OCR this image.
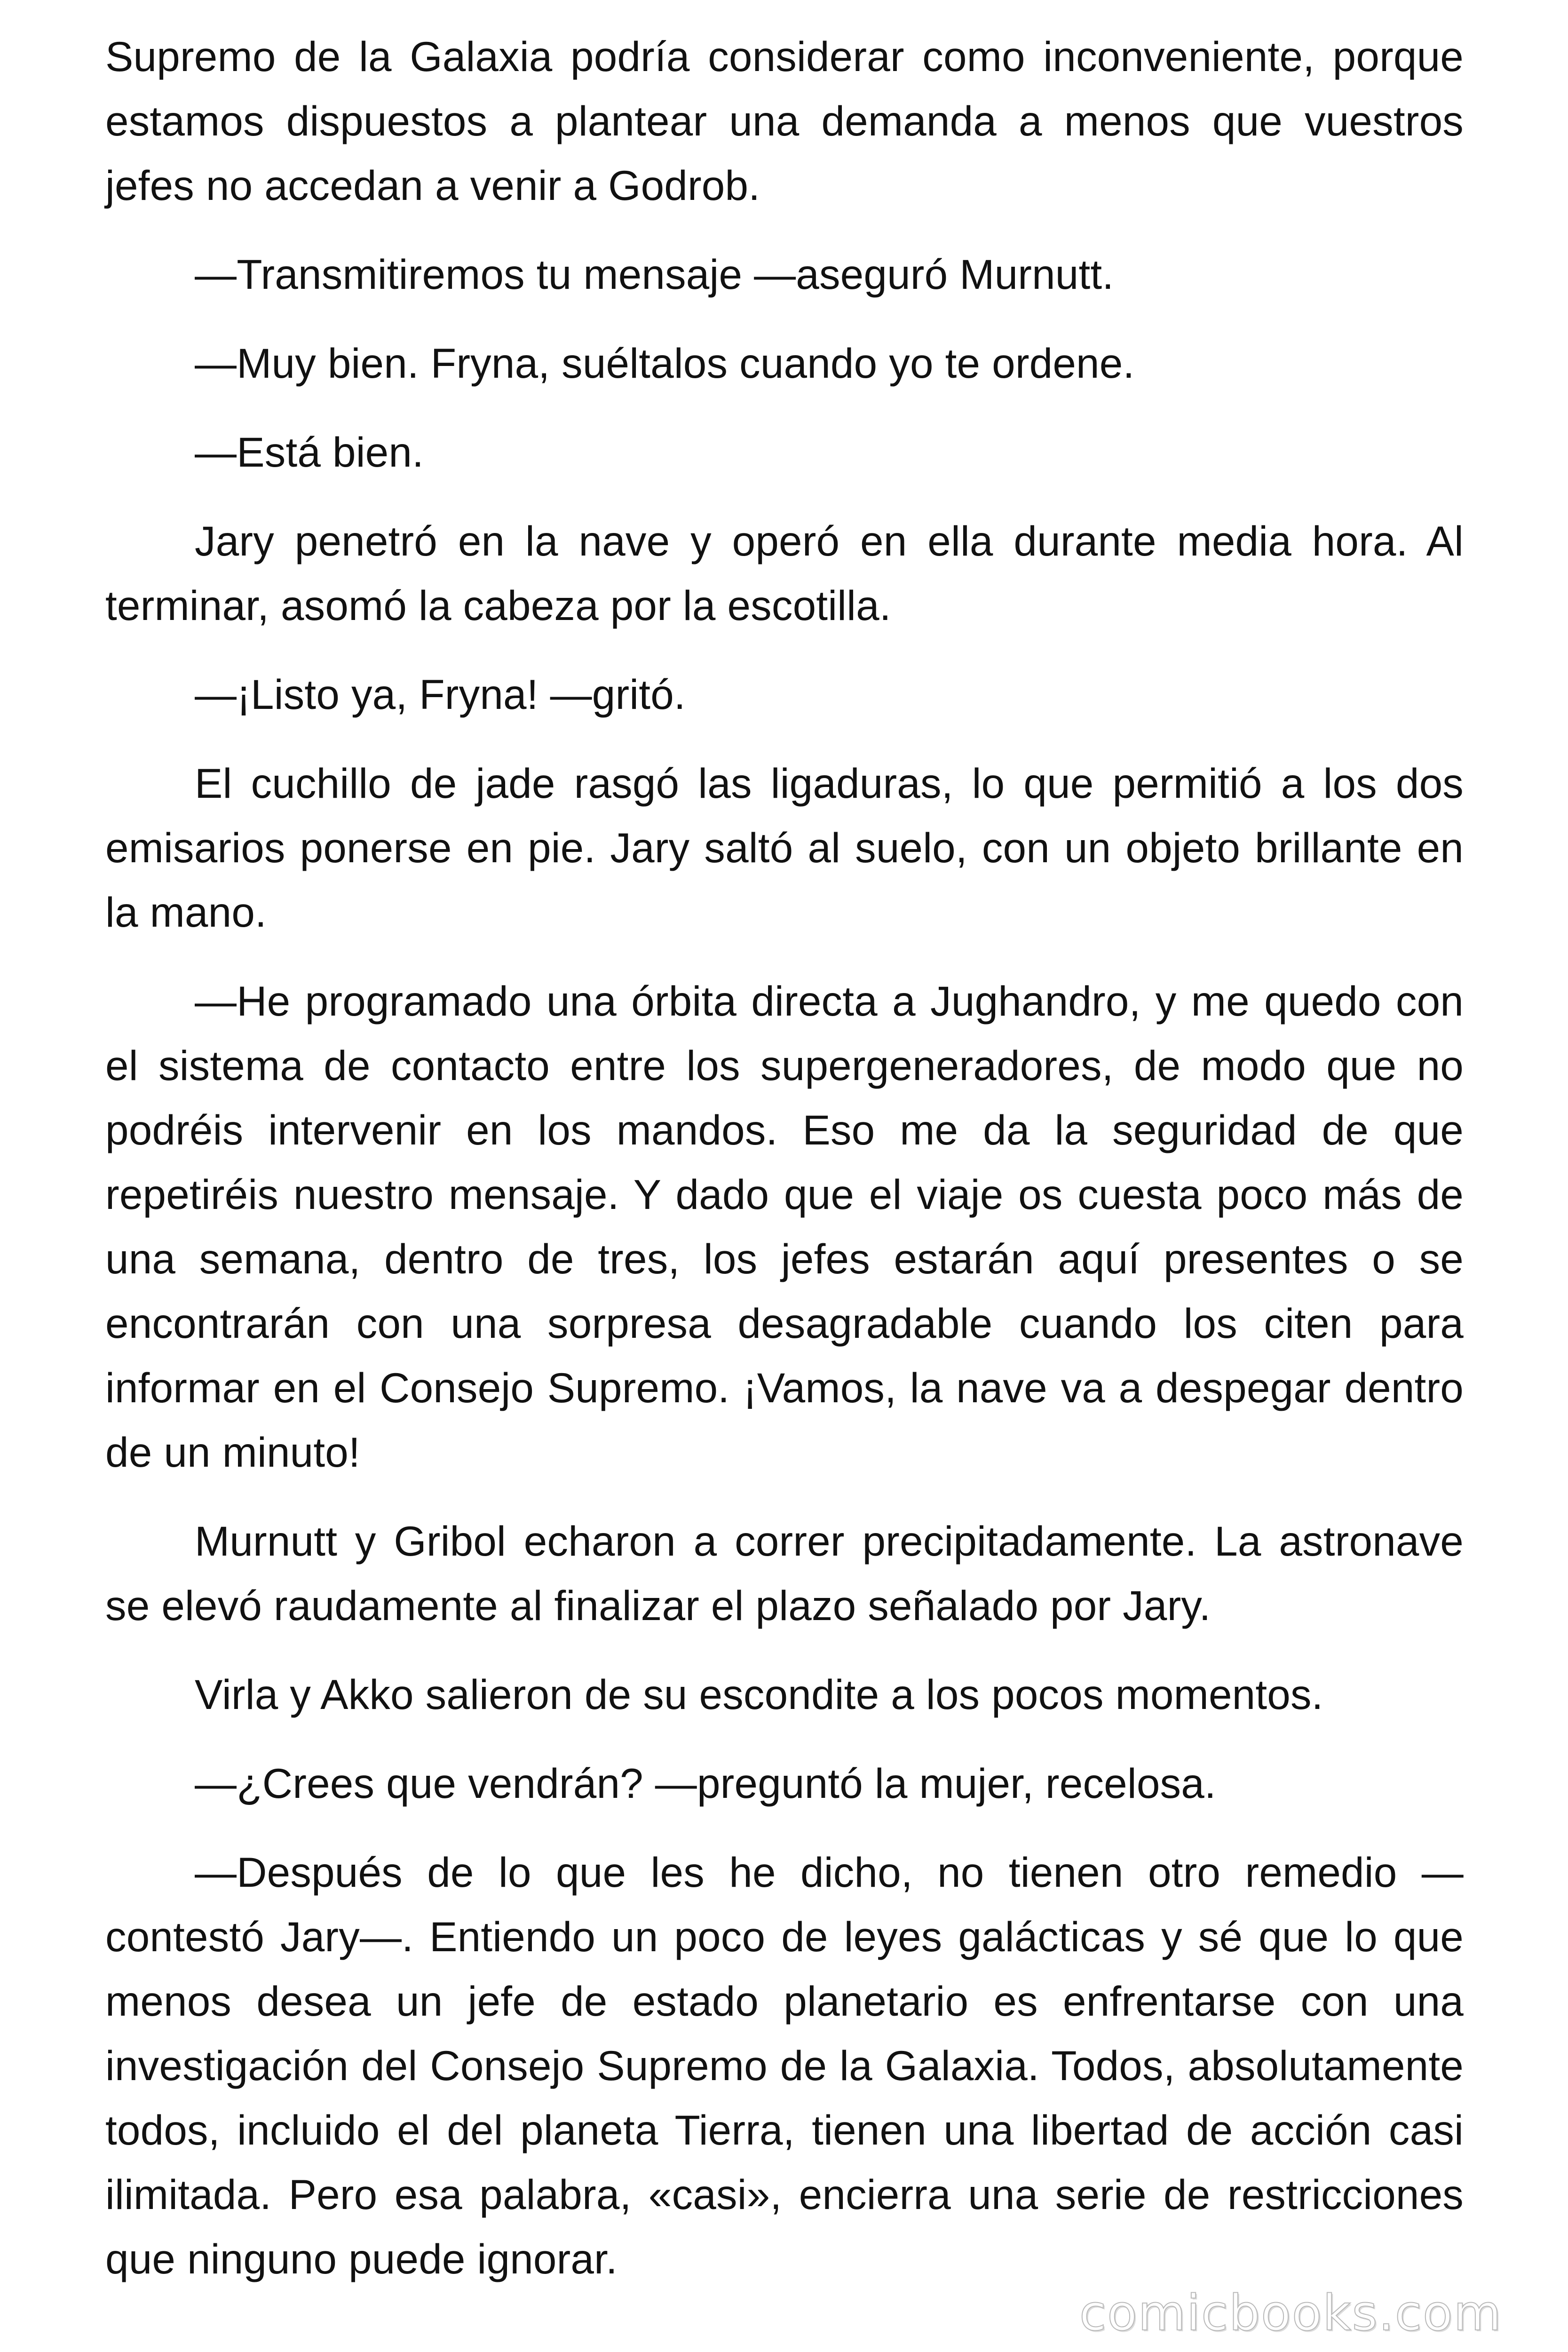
Supremo de la Galaxia podría considerar como inconveniente, porque estamos dispuestos a plantear una demanda a menos que vuestros jefes no accedan a venir a Godrob.

—Transmitiremos tu mensaje —aseguró Murnutt.

—Muy bien. Fryna, suéltalos cuando yo te ordene.

—Está bien.

Jary penetró en la nave y operó en ella durante media hora. Al terminar, asomó la cabeza por la escotilla.

—¡Listo ya, Fryna! —gritó.

El cuchillo de jade rasgó las ligaduras, lo que permitió a los dos emisarios ponerse en pie. Jary saltó al suelo, con un objeto brillante en la mano.

—He programado una órbita directa a Jughandro, y me quedo con el sistema de contacto entre los supergeneradores, de modo que no podréis intervenir en los mandos. Eso me da la seguridad de que repetiréis nuestro mensaje. Y dado que el viaje os cuesta poco más de una semana, dentro de tres, los jefes estarán aquí presentes o se encontrarán con una sorpresa desagradable cuando los citen para informar en el Consejo Supremo. ¡Vamos, la nave va a despegar dentro de un minuto!

Murnutt y Gribol echaron a correr precipitadamente. La astronave se elevó raudamente al finalizar el plazo señalado por Jary.

Virla y Akko salieron de su escondite a los pocos momentos.

—¿Crees que vendrán? —preguntó la mujer, recelosa.

—Después de lo que les he dicho, no tienen otro remedio —contestó Jary—. Entiendo un poco de leyes galácticas y sé que lo que menos desea un jefe de estado planetario es enfrentarse con una investigación del Consejo Supremo de la Galaxia. Todos, absolutamente todos, incluido el del planeta Tierra, tienen una libertad de acción casi ilimitada. Pero esa palabra, «casi», encierra una serie de restricciones que ninguno puede ignorar.

comicbooks.com
